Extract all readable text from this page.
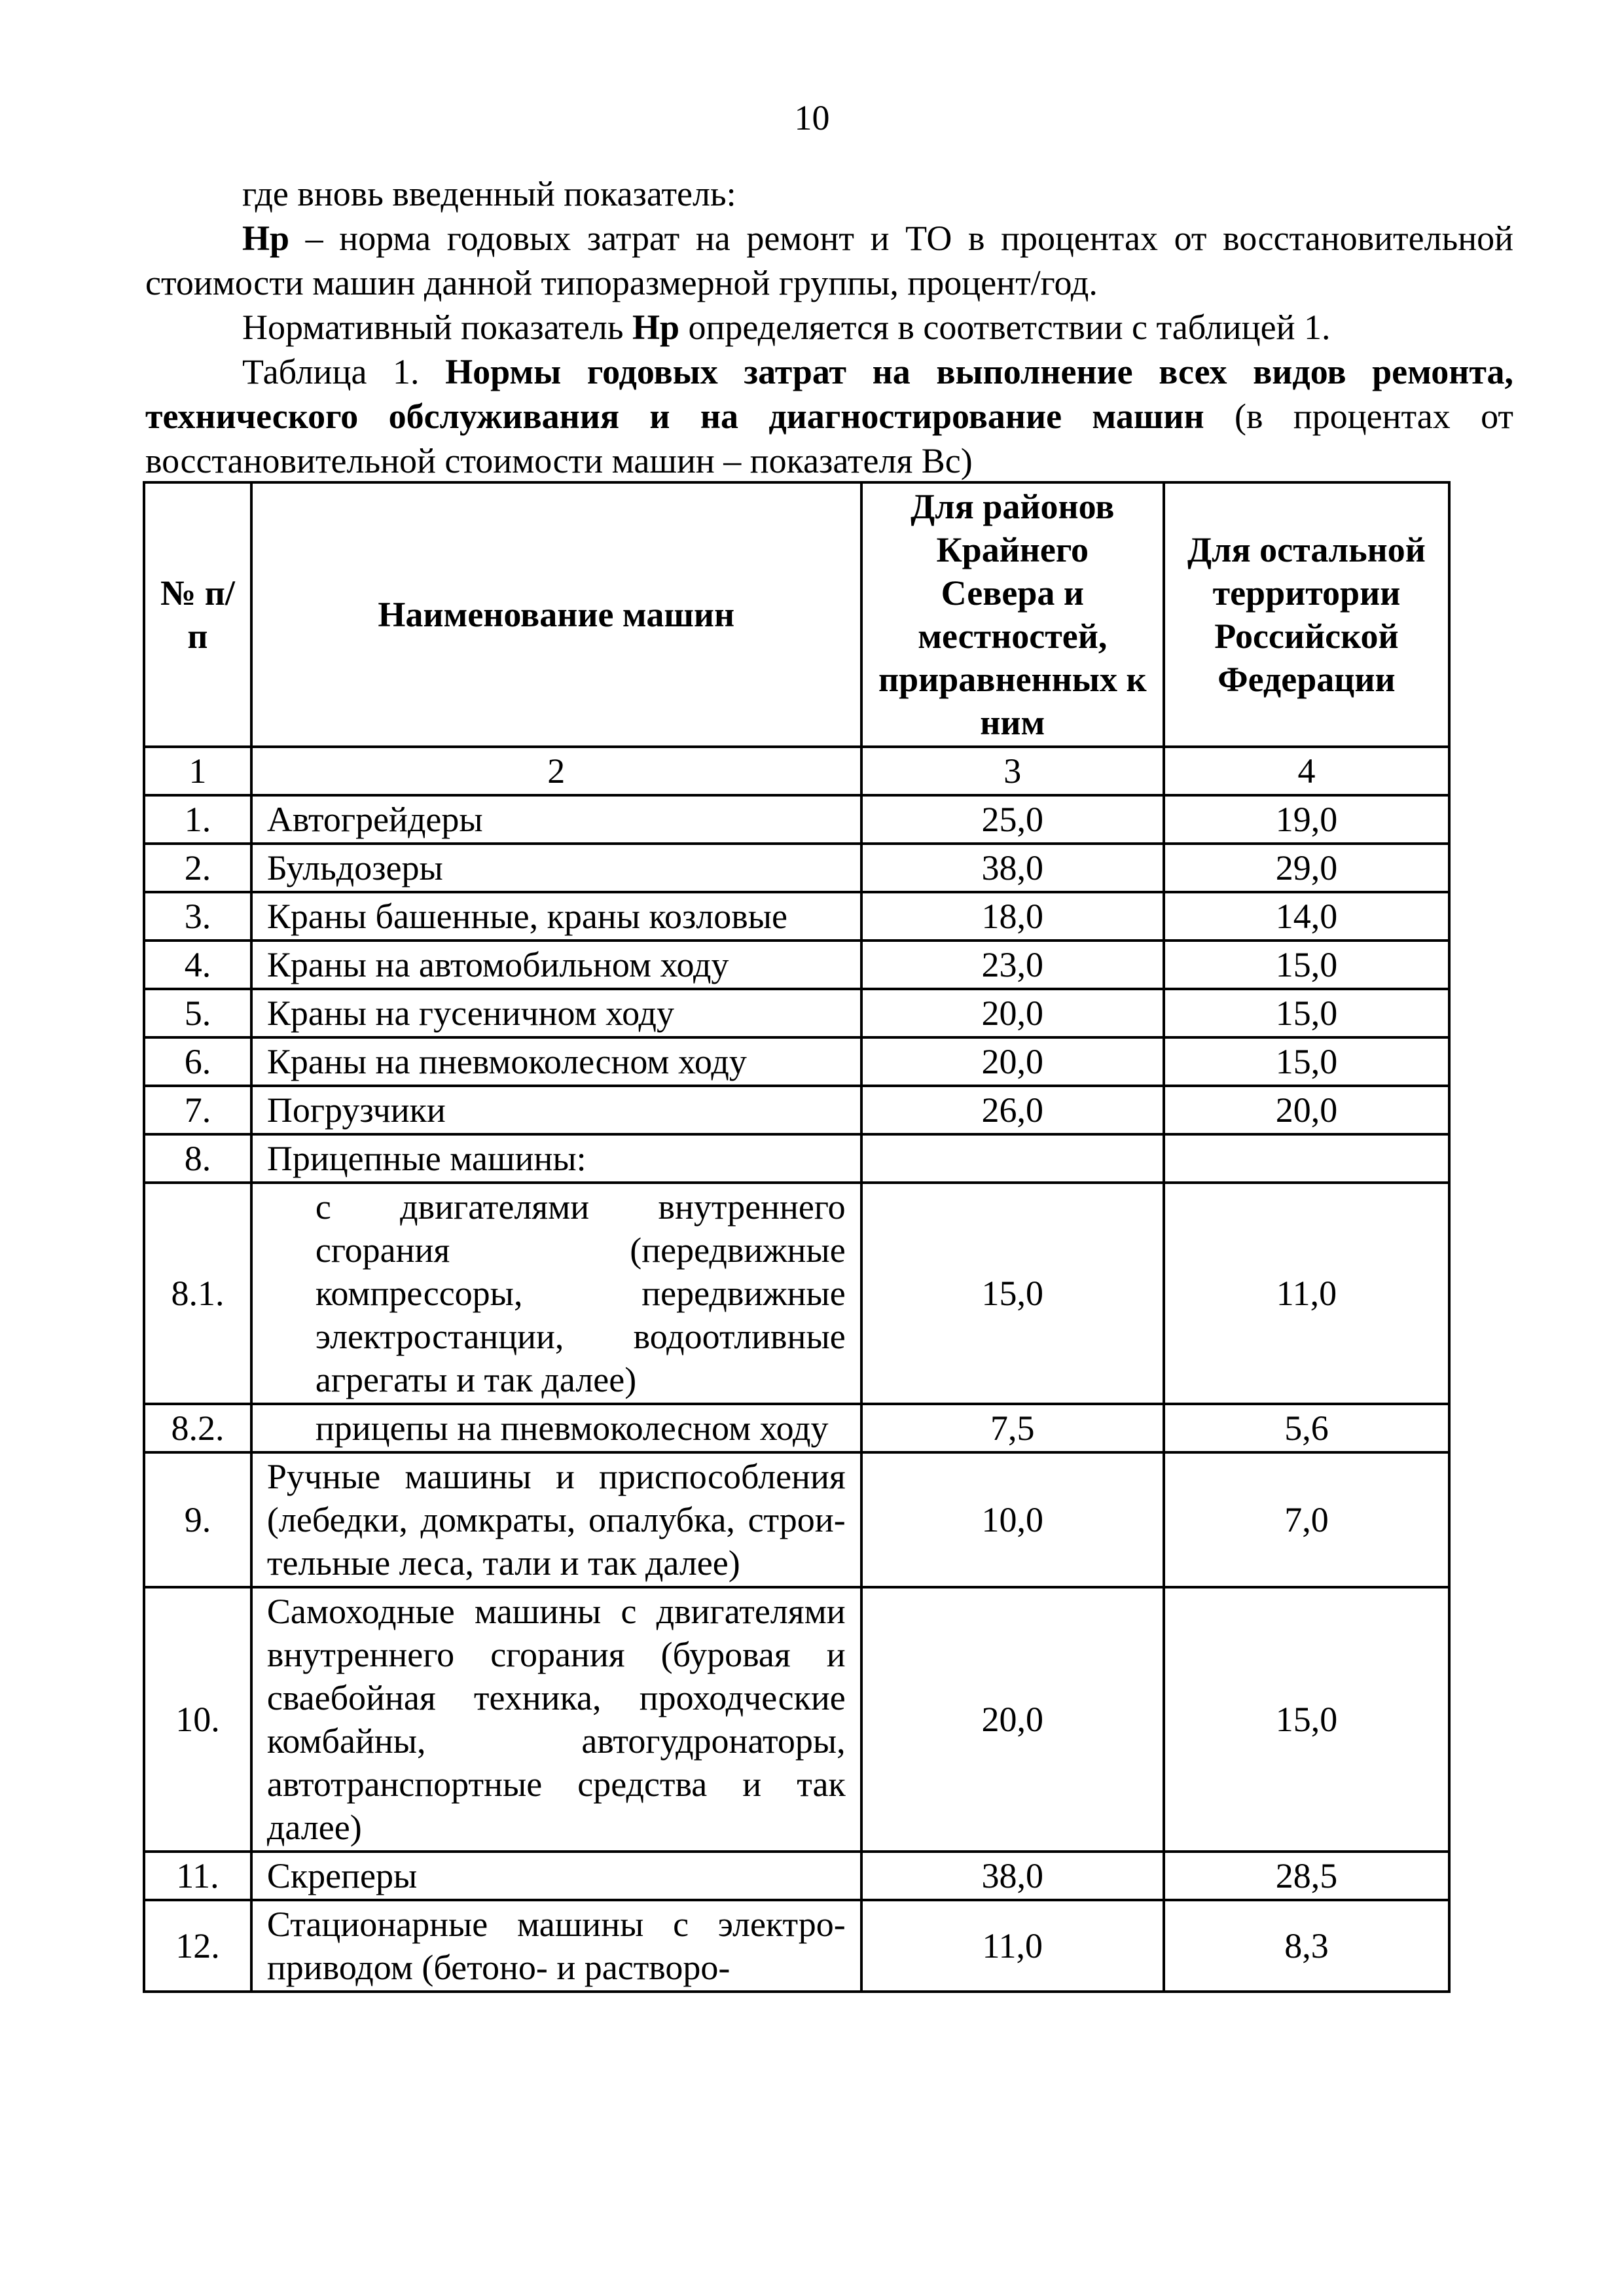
10

где вновь введенный показатель:

Нр – норма годовых затрат на ремонт и ТО в процентах от восстановительной стоимости машин данной типоразмерной группы, процент/год.

Нормативный показатель Нр определяется в соответствии с таблицей 1.

Таблица 1. Нормы годовых затрат на выполнение всех видов ремонта, технического обслуживания и на диагностирование машин (в процентах от восстановительной стоимости машин – показателя Вс)

№ п/п	Наименование машин	Для районов Крайнего Севера и местностей, приравненных к ним	Для остальной территории Российской Федерации
1	2	3	4
1.	Автогрейдеры	25,0	19,0
2.	Бульдозеры	38,0	29,0
3.	Краны башенные, краны козловые	18,0	14,0
4.	Краны на автомобильном ходу	23,0	15,0
5.	Краны на гусеничном ходу	20,0	15,0
6.	Краны на пневмоколесном ходу	20,0	15,0
7.	Погрузчики	26,0	20,0
8.	Прицепные машины:		
8.1.	с двигателями внутреннего сгорания (передвижные компрессоры, передвижные электростанции, водоотливные агрегаты и так далее)	15,0	11,0
8.2.	прицепы на пневмоколесном ходу	7,5	5,6
9.	Ручные машины и приспособления (лебедки, домкраты, опалубка, строи-тельные леса, тали и так далее)	10,0	7,0
10.	Самоходные машины с двигателями внутреннего сгорания (буровая и сваебойная техника, проходческие комбайны, автогудронаторы, автотранспортные средства и так далее)	20,0	15,0
11.	Скреперы	38,0	28,5
12.	Стационарные машины с электро-приводом (бетоно- и растворо-	11,0	8,3
